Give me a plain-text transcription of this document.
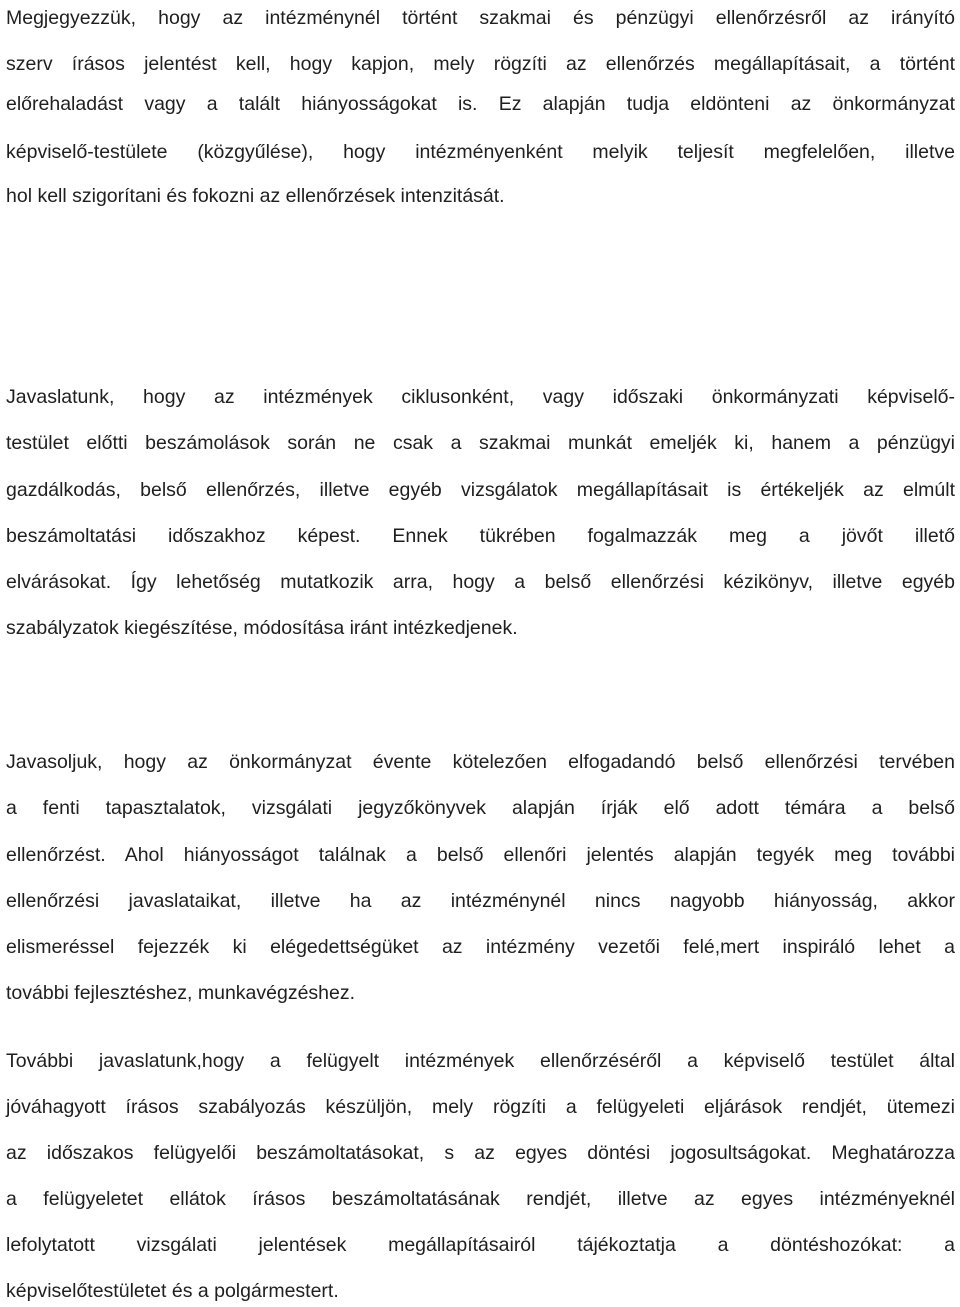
Megjegyezzük, hogy az intézménynél történt szakmai és pénzügyi ellenőrzésről az irányító
szerv írásos jelentést kell, hogy kapjon, mely rögzíti az ellenőrzés megállapításait, a történt
előrehaladást vagy a talált hiányosságokat is. Ez alapján tudja eldönteni az önkormányzat
képviselő-testülete (közgyűlése), hogy intézményenként melyik teljesít megfelelően, illetve
hol kell szigorítani és fokozni az ellenőrzések intenzitását.
Javaslatunk, hogy az intézmények ciklusonként, vagy időszaki önkormányzati képviselő-
testület előtti beszámolások során ne csak a szakmai munkát emeljék ki, hanem a pénzügyi
gazdálkodás, belső ellenőrzés, illetve egyéb vizsgálatok megállapításait is értékeljék az elmúlt
beszámoltatási időszakhoz képest. Ennek tükrében fogalmazzák meg a jövőt illető
elvárásokat. Így lehetőség mutatkozik arra, hogy a belső ellenőrzési kézikönyv, illetve egyéb
szabályzatok kiegészítése, módosítása iránt intézkedjenek.
Javasoljuk, hogy az önkormányzat évente kötelezően elfogadandó belső ellenőrzési tervében
a fenti tapasztalatok, vizsgálati jegyzőkönyvek alapján írják elő adott témára a belső
ellenőrzést. Ahol hiányosságot találnak a belső ellenőri jelentés alapján tegyék meg további
ellenőrzési javaslataikat, illetve ha az intézménynél nincs nagyobb hiányosság, akkor
elismeréssel fejezzék ki elégedettségüket az intézmény vezetői felé,mert inspiráló lehet a
további fejlesztéshez, munkavégzéshez.
További javaslatunk,hogy a felügyelt intézmények ellenőrzéséről a képviselő testület által
jóváhagyott írásos szabályozás készüljön, mely rögzíti a felügyeleti eljárások rendjét, ütemezi
az időszakos felügyelői beszámoltatásokat, s az egyes döntési jogosultságokat. Meghatározza
a felügyeletet ellátok írásos beszámoltatásának rendjét, illetve az egyes intézményeknél
lefolytatott vizsgálati jelentések megállapításairól tájékoztatja a döntéshozókat: a
képviselőtestületet és a polgármestert.
